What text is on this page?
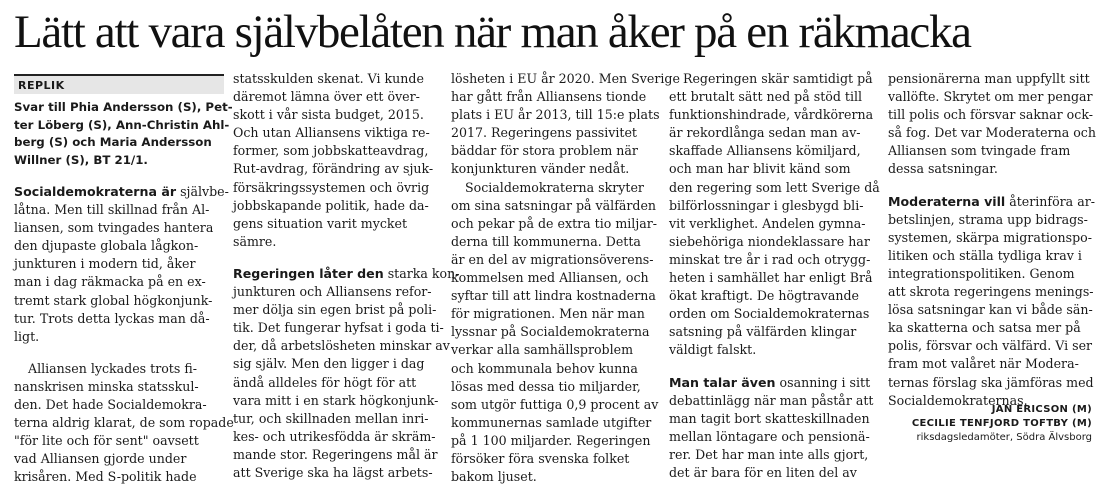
Lätt att vara självbelåten när man åker på en räkmacka
REPLIK
Svar till Phia Andersson (S), Pet-
ter Löberg (S), Ann-Christin Ahl-
berg (S) och Maria Andersson
Willner (S), BT 21/1.

Socialdemokraterna är självbe-
låtna. Men till skillnad från Al-
liansen, som tvingades hantera
den djupaste globala lågkon-
junkturen i modern tid, åker
man i dag räkmacka på en ex-
tremt stark global högkonjunk-
tur. Trots detta lyckas man då-
ligt.

Alliansen lyckades trots fi-
nanskrisen minska statsskul-
den. Det hade Socialdemokra-
terna aldrig klarat, de som ropade
"för lite och för sent" oavsett
vad Alliansen gjorde under
krisåren. Med S-politik hade

statsskulden skenat. Vi kunde
däremot lämna över ett över-
skott i vår sista budget, 2015.
Och utan Alliansens viktiga re-
former, som jobbskatteavdrag,
Rut-avdrag, förändring av sjuk-
försäkringssystemen och övrig
jobbskapande politik, hade da-
gens situation varit mycket
sämre.

Regeringen låter den starka kon-
junkturen och Alliansens refor-
mer dölja sin egen brist på poli-
tik. Det fungerar hyfsat i goda ti-
der, då arbetslösheten minskar av
sig själv. Men den ligger i dag
ändå alldeles för högt för att
vara mitt i en stark högkonjunk-
tur, och skillnaden mellan inri-
kes- och utrikesfödda är skräm-
mande stor. Regeringens mål är
att Sverige ska ha lägst arbets-

lösheten i EU år 2020. Men Sverige
har gått från Alliansens tionde
plats i EU år 2013, till 15:e plats
2017. Regeringens passivitet
bäddar för stora problem när
konjunkturen vänder nedåt.

Socialdemokraterna skryter
om sina satsningar på välfärden
och pekar på de extra tio miljar-
derna till kommunerna. Detta
är en del av migrationsöverens-
kommelsen med Alliansen, och
syftar till att lindra kostnaderna
för migrationen. Men när man
lyssnar på Socialdemokraterna
verkar alla samhällsproblem
och kommunala behov kunna
lösas med dessa tio miljarder,
som utgör futtiga 0,9 procent av
kommunernas samlade utgifter
på 1 100 miljarder. Regeringen
försöker föra svenska folket
bakom ljuset.

Regeringen skär samtidigt på
ett brutalt sätt ned på stöd till
funktionshindrade, vårdkörerna
är rekordlånga sedan man av-
skaffade Alliansens kömiljard,
och man har blivit känd som
den regering som lett Sverige då
bilförlossningar i glesbygd bli-
vit verklighet. Andelen gymna-
siebehöriga niondeklassare har
minskat tre år i rad och otrygg-
heten i samhället har enligt Brå
ökat kraftigt. De högtravande
orden om Socialdemokraternas
satsning på välfärden klingar
väldigt falskt.

Man talar även osanning i sitt
debattinlägg när man påstår att
man tagit bort skatteskillnaden
mellan löntagare och pensionä-
rer. Det har man inte alls gjort,
det är bara för en liten del av

pensionärerna man uppfyllt sitt
vallöfte. Skrytet om mer pengar
till polis och försvar saknar ock-
så fog. Det var Moderaterna och
Alliansen som tvingade fram
dessa satsningar.

Moderaterna vill återinföra ar-
betslinjen, strama upp bidrags-
systemen, skärpa migrationspo-
litiken och ställa tydliga krav i
integrationspolitiken. Genom
att skrota regeringens menings-
lösa satsningar kan vi både sän-
ka skatterna och satsa mer på
polis, försvar och välfärd. Vi ser
fram mot valåret när Modera-
ternas förslag ska jämföras med
Socialdemokraternas.

JAN ERICSON (M)
CECILIE TENFJORD TOFTBY (M)
riksdagsledamöter, Södra Älvsborg
